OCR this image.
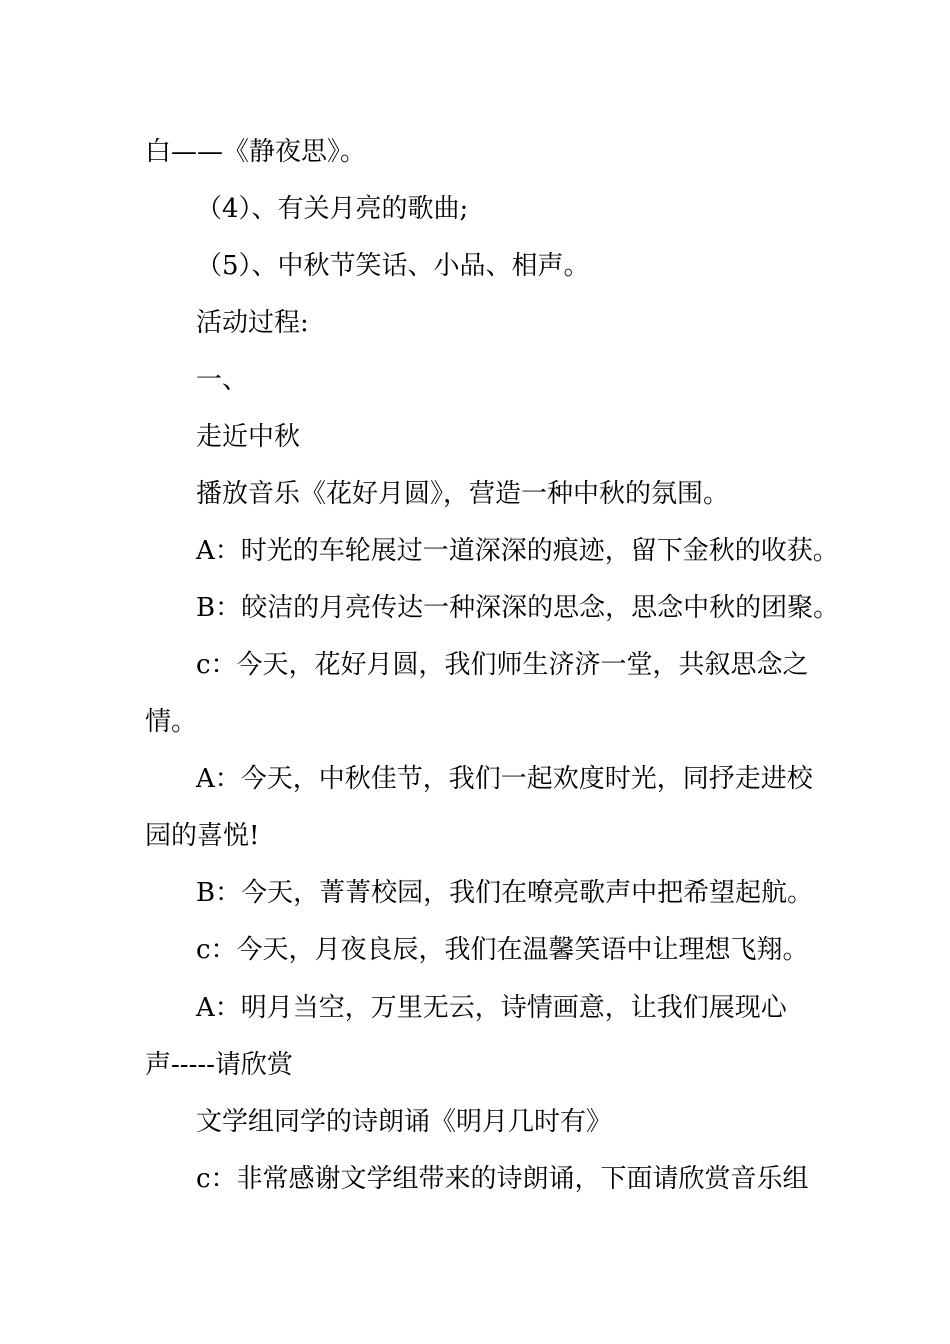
白——《静夜思》。
（4）、有关月亮的歌曲;
（5）、中秋节笑话、小品、相声。
活动过程:
一、
走近中秋
播放音乐《花好月圆》，营造一种中秋的氛围。
A：时光的车轮展过一道深深的痕迹，留下金秋的收获。
B：皎洁的月亮传达一种深深的思念，思念中秋的团聚。
c：今天，花好月圆，我们师生济济一堂，共叙思念之
情。
A：今天，中秋佳节，我们一起欢度时光，同抒走进校
园的喜悦!
B：今天，菁菁校园，我们在嘹亮歌声中把希望起航。
c：今天，月夜良辰，我们在温馨笑语中让理想飞翔。
A：明月当空，万里无云，诗情画意，让我们展现心
声-----请欣赏
文学组同学的诗朗诵《明月几时有》
c：非常感谢文学组带来的诗朗诵，下面请欣赏音乐组
